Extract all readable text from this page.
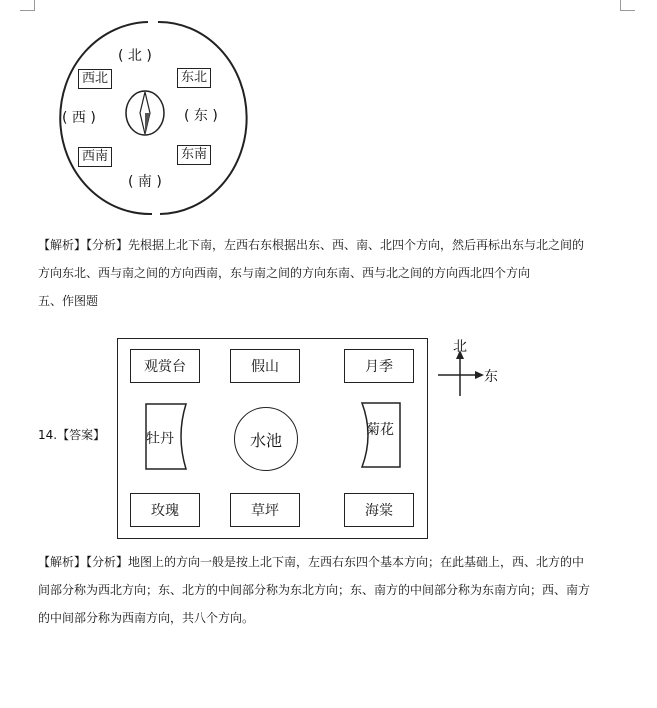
( 北 )
( 南 )
( 西 )	( 东 )
西北	东北
西南	东南
【解析】【分析】先根据上北下南，左西右东根据出东、西、南、北四个方向，然后再标出东与北之间的
方向东北、西与南之间的方向西南，东与南之间的方向东南、西与北之间的方向西北四个方向
五、作图题
14.【答案】
观赏台	假山	月季
牡丹
菊花
水池
玫瑰	草坪	海棠
北
东
【解析】【分析】地图上的方向一般是按上北下南，左西右东四个基本方向；在此基础上，西、北方的中
间部分称为西北方向；东、北方的中间部分称为东北方向；东、南方的中间部分称为东南方向；西、南方
的中间部分称为西南方向，共八个方向。
